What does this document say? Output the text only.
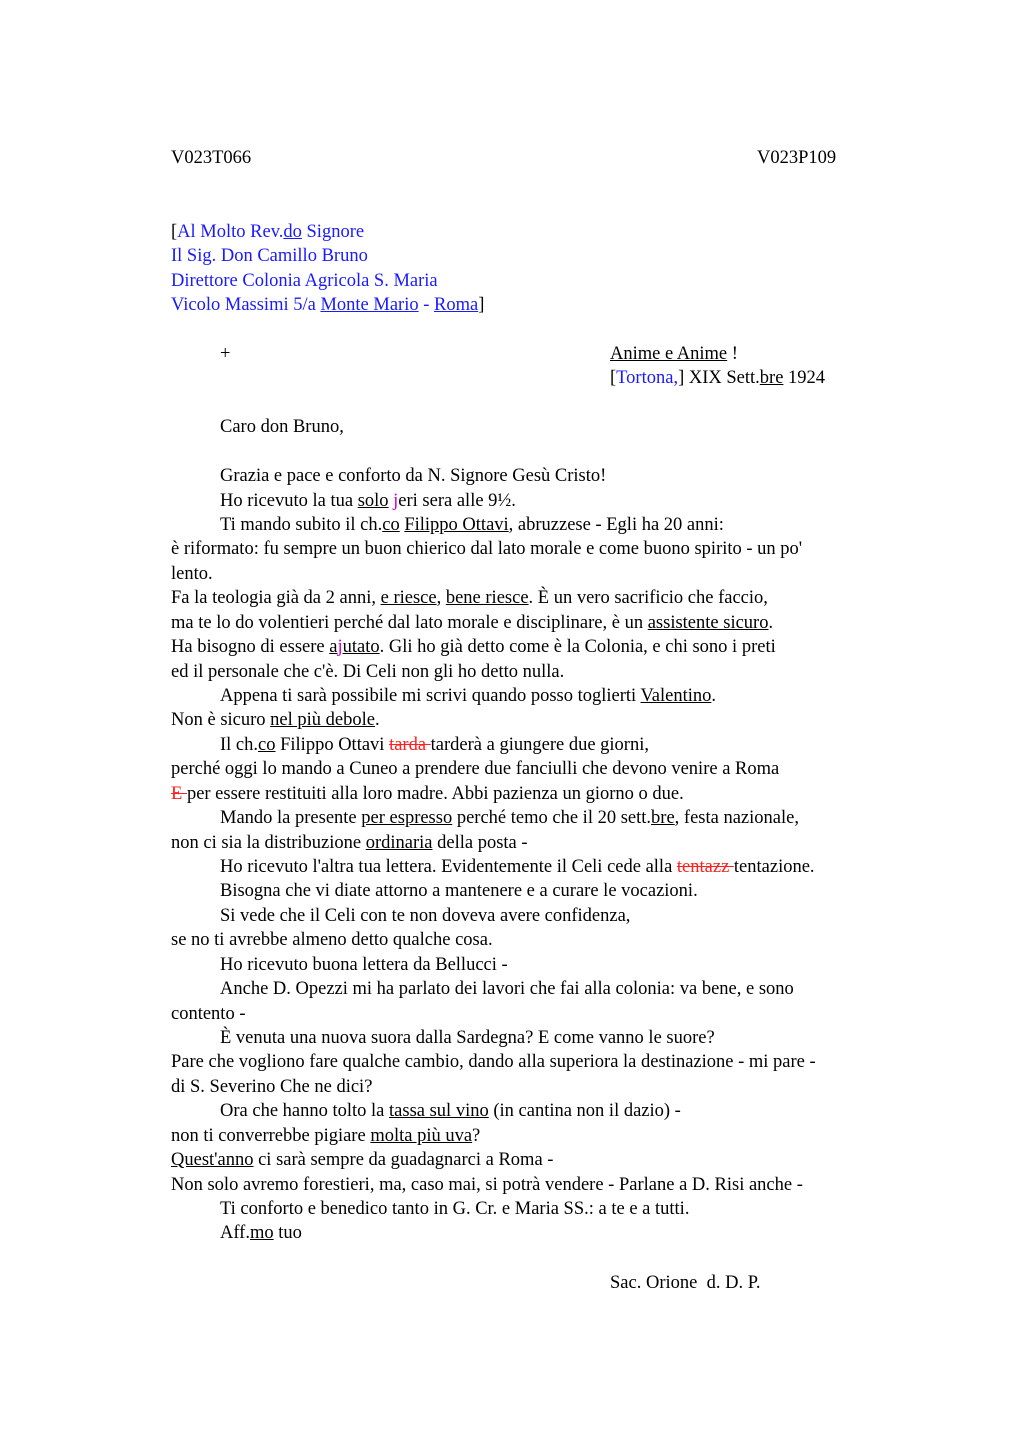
V023T066	V023P109
[Al Molto Rev.do Signore
Il Sig. Don Camillo Bruno
Direttore Colonia Agricola S. Maria
Vicolo Massimi 5/a Monte Mario - Roma]
+	Anime e Anime !
[Tortona,] XIX Sett.bre 1924
Caro don Bruno,
Grazia e pace e conforto da N. Signore Gesù Cristo!
Ho ricevuto la tua solo jeri sera alle 9½.
Ti mando subito il ch.co Filippo Ottavi, abruzzese - Egli ha 20 anni:
è riformato: fu sempre un buon chierico dal lato morale e come buono spirito - un po'
lento.
Fa la teologia già da 2 anni, e riesce, bene riesce. È un vero sacrificio che faccio,
ma te lo do volentieri perché dal lato morale e disciplinare, è un assistente sicuro.
Ha bisogno di essere ajutato. Gli ho già detto come è la Colonia, e chi sono i preti
ed il personale che c'è. Di Celi non gli ho detto nulla.
Appena ti sarà possibile mi scrivi quando posso toglierti Valentino.
Non è sicuro nel più debole.
Il ch.co Filippo Ottavi tarda tarderà a giungere due giorni,
perché oggi lo mando a Cuneo a prendere due fanciulli che devono venire a Roma
E per essere restituiti alla loro madre. Abbi pazienza un giorno o due.
Mando la presente per espresso perché temo che il 20 sett.bre, festa nazionale,
non ci sia la distribuzione ordinaria della posta -
Ho ricevuto l'altra tua lettera. Evidentemente il Celi cede alla tentazz tentazione.
Bisogna che vi diate attorno a mantenere e a curare le vocazioni.
Si vede che il Celi con te non doveva avere confidenza,
se no ti avrebbe almeno detto qualche cosa.
Ho ricevuto buona lettera da Bellucci -
Anche D. Opezzi mi ha parlato dei lavori che fai alla colonia: va bene, e sono
contento -
È venuta una nuova suora dalla Sardegna? E come vanno le suore?
Pare che vogliono fare qualche cambio, dando alla superiora la destinazione - mi pare -
di S. Severino Che ne dici?
Ora che hanno tolto la tassa sul vino (in cantina non il dazio) -
non ti converrebbe pigiare molta più uva?
Quest'anno ci sarà sempre da guadagnarci a Roma -
Non solo avremo forestieri, ma, caso mai, si potrà vendere - Parlane a D. Risi anche -
Ti conforto e benedico tanto in G. Cr. e Maria SS.: a te e a tutti.
Aff.mo tuo
Sac. Orione  d. D. P.
